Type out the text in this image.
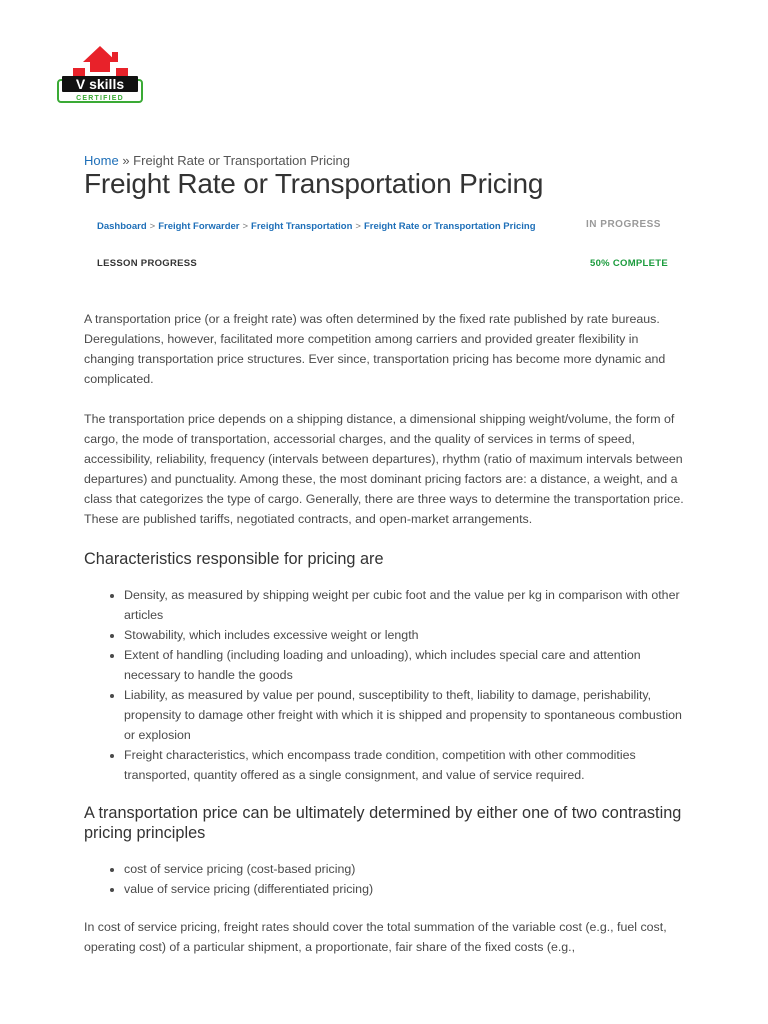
V skills
CERTIFIED
Home » Freight Rate or Transportation Pricing
Freight Rate or Transportation Pricing
Dashboard > Freight Forwarder > Freight Transportation > Freight Rate or Transportation Pricing	IN PROGRESS
LESSON PROGRESS	50% COMPLETE

A transportation price (or a freight rate) was often determined by the fixed rate published by rate bureaus. Deregulations, however, facilitated more competition among carriers and provided greater flexibility in changing transportation price structures. Ever since, transportation pricing has become more dynamic and complicated.

The transportation price depends on a shipping distance, a dimensional shipping weight/volume, the form of cargo, the mode of transportation, accessorial charges, and the quality of services in terms of speed, accessibility, reliability, frequency (intervals between departures), rhythm (ratio of maximum intervals between departures) and punctuality. Among these, the most dominant pricing factors are: a distance, a weight, and a class that categorizes the type of cargo. Generally, there are three ways to determine the transportation price. These are published tariffs, negotiated contracts, and open-market arrangements.

Characteristics responsible for pricing are
• Density, as measured by shipping weight per cubic foot and the value per kg in comparison with other articles
• Stowability, which includes excessive weight or length
• Extent of handling (including loading and unloading), which includes special care and attention necessary to handle the goods
• Liability, as measured by value per pound, susceptibility to theft, liability to damage, perishability, propensity to damage other freight with which it is shipped and propensity to spontaneous combustion or explosion
• Freight characteristics, which encompass trade condition, competition with other commodities transported, quantity offered as a single consignment, and value of service required.
A transportation price can be ultimately determined by either one of two contrasting pricing principles
• cost of service pricing (cost-based pricing)
• value of service pricing (differentiated pricing)

In cost of service pricing, freight rates should cover the total summation of the variable cost (e.g., fuel cost, operating cost) of a particular shipment, a proportionate, fair share of the fixed costs (e.g.,
